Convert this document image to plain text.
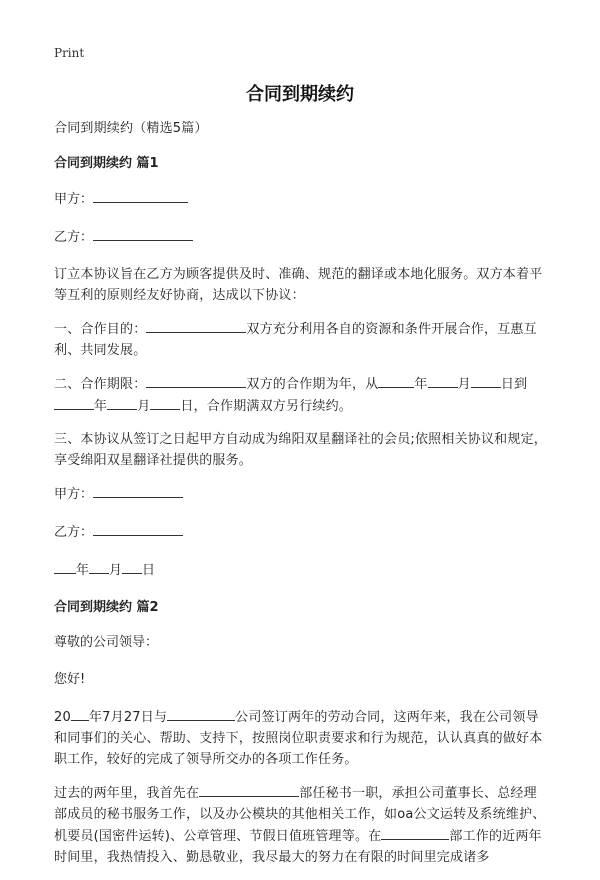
Print
合同到期续约

合同到期续约（精选5篇）

合同到期续约 篇1

甲方：

乙方：

订立本协议旨在乙方为顾客提供及时、准确、规范的翻译或本地化服务。双方本着平等互利的原则经友好协商，达成以下协议：

一、合作目的：	双方充分利用各自的资源和条件开展合作，互惠互利、共同发展。

二、合作期限：	双方的合作期为年，从	年 月 日到
年 月 日，合作期满双方另行续约。

三、本协议从签订之日起甲方自动成为绵阳双星翻译社的会员;依照相关协议和规定，享受绵阳双星翻译社提供的服务。

甲方：

乙方：

年 月 日

合同到期续约 篇2

尊敬的公司领导：

您好!

20 年7月27日与	公司签订两年的劳动合同，这两年来，我在公司领导和同事们的关心、帮助、支持下，按照岗位职责要求和行为规范，认认真真的做好本职工作，较好的完成了领导所交办的各项工作任务。

过去的两年里，我首先在	部任秘书一职，承担公司董事长、总经理部成员的秘书服务工作，以及办公模块的其他相关工作，如oa公文运转及系统维护、机要员(国密件运转)、公章管理、节假日值班管理等。在	部工作的近两年时间里，我热情投入、勤恳敬业，我尽最大的努力在有限的时间里完成诸多
